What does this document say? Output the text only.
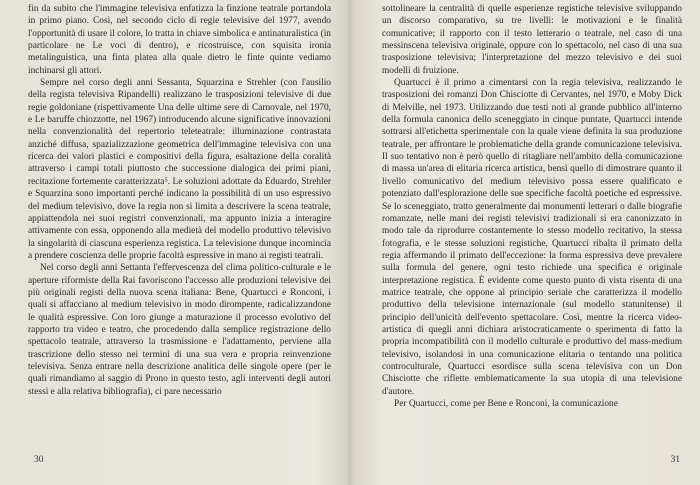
fin da subito che l'immagine televisiva enfatizza la finzione teatrale portandola in primo piano. Così, nel secondo ciclo di regie televisive del 1977, avendo l'opportunità di usare il colore, lo tratta in chiave simbolica e antinaturalistica (in particolare ne Le voci di dentro), e ricostruisce, con squisita ironia metalinguistica, una finta platea alla quale dietro le finte quinte vediamo inchinarsi gli attori.

Sempre nel corso degli anni Sessanta, Squarzina e Strehler (con l'ausilio della regista televisiva Ripandelli) realizzano le trasposizioni televisive di due regie goldoniane (rispettivamente Una delle ultime sere di Carnovale, nel 1970, e Le baruffe chiozzotte, nel 1967) introducendo alcune significative innovazioni nella convenzionalità del repertorio teleteatrale: illuminazione contrastata anziché diffusa, spazializzazione geometrica dell'immagine televisiva con una ricerca dei valori plastici e compositivi della figura, esaltazione della coralità attraverso i campi totali piuttosto che successione dialogica dei primi piani, recitazione fortemente caratterizzata⁵. Le soluzioni adottate da Eduardo, Strehler e Squarzina sono importanti perché indicano la possibilità di un uso espressivo del medium televisivo, dove la regia non si limita a descrivere la scena teatrale, appiattendola nei suoi registri convenzionali, ma appunto inizia a interagire attivamente con essa, opponendo alla medietà del modello produttivo televisivo la singolarità di ciascuna esperienza registica. La televisione dunque incomincia a prendere coscienza delle proprie facoltà espressive in mano ai registi teatrali.

Nel corso degli anni Settanta l'effervescenza del clima politico-culturale e le aperture riformiste della Rai favoriscono l'accesso alle produzioni televisive dei più originali registi della nuova scena italiana: Bene, Quartucci e Ronconi, i quali si affacciano al medium televisivo in modo dirompente, radicalizzandone le qualità espressive. Con loro giunge a maturazione il processo evolutivo del rapporto tra video e teatro, che procedendo dalla semplice registrazione dello spettacolo teatrale, attraverso la trasmissione e l'adattamento, perviene alla trascrizione dello stesso nei termini di una sua vera e propria reinvenzione televisiva. Senza entrare nella descrizione analitica delle singole opere (per le quali rimandiamo al saggio di Prono in questo testo, agli interventi degli autori stessi e alla relativa bibliografia), ci pare necessario

30

sottolineare la centralità di quelle esperienze registiche televisive sviluppando un discorso comparativo, su tre livelli: le motivazioni e le finalità comunicative; il rapporto con il testo letterario o teatrale, nel caso di una messinscena televisiva originale, oppure con lo spettacolo, nel caso di una sua trasposizione televisiva; l'interpretazione del mezzo televisivo e dei suoi modelli di fruizione.

Quartucci è il primo a cimentarsi con la regia televisiva, realizzando le trasposizioni dei romanzi Don Chisciotte di Cervantes, nel 1970, e Moby Dick di Melville, nel 1973. Utilizzando due testi noti al grande pubblico all'interno della formula canonica dello sceneggiato in cinque puntate, Quartucci intende sottrarsi all'etichetta sperimentale con la quale viene definita la sua produzione teatrale, per affrontare le problematiche della grande comunicazione televisiva. Il suo tentativo non è però quello di ritagliare nell'ambito della comunicazione di massa un'area di elitaria ricerca artistica, bensì quello di dimostrare quanto il livello comunicativo del medium televisivo possa essere qualificato e potenziato dall'esplorazione delle sue specifiche facoltà poetiche ed espressive. Se lo sceneggiato, tratto generalmente dai monumenti letterari o dalle biografie romanzate, nelle mani dei registi televisivi tradizionali si era canonizzato in modo tale da riprodurre costantemente lo stesso modello recitativo, la stessa fotografia, e le stesse soluzioni registiche, Quartucci ribalta il primato della regia affermando il primato dell'eccezione: la forma espressiva deve prevalere sulla formula del genere, ogni testo richiede una specifica e originale interpretazione registica. È evidente come questo punto di vista risenta di una matrice teatrale, che oppone al principio seriale che caratterizza il modello produttivo della televisione internazionale (sul modello statunitense) il principio dell'unicità dell'evento spettacolare. Così, mentre la ricerca video-artistica di quegli anni dichiara aristocraticamente o sperimenta di fatto la propria incompatibilità con il modello culturale e produttivo del mass-medium televisivo, isolandosi in una comunicazione elitaria o tentando una politica controculturale, Quartucci esordisce sulla scena televisiva con un Don Chisciotte che riflette emblematicamente la sua utopia di una televisione d'autore.

Per Quartucci, come per Bene e Ronconi, la comunicazione

31
